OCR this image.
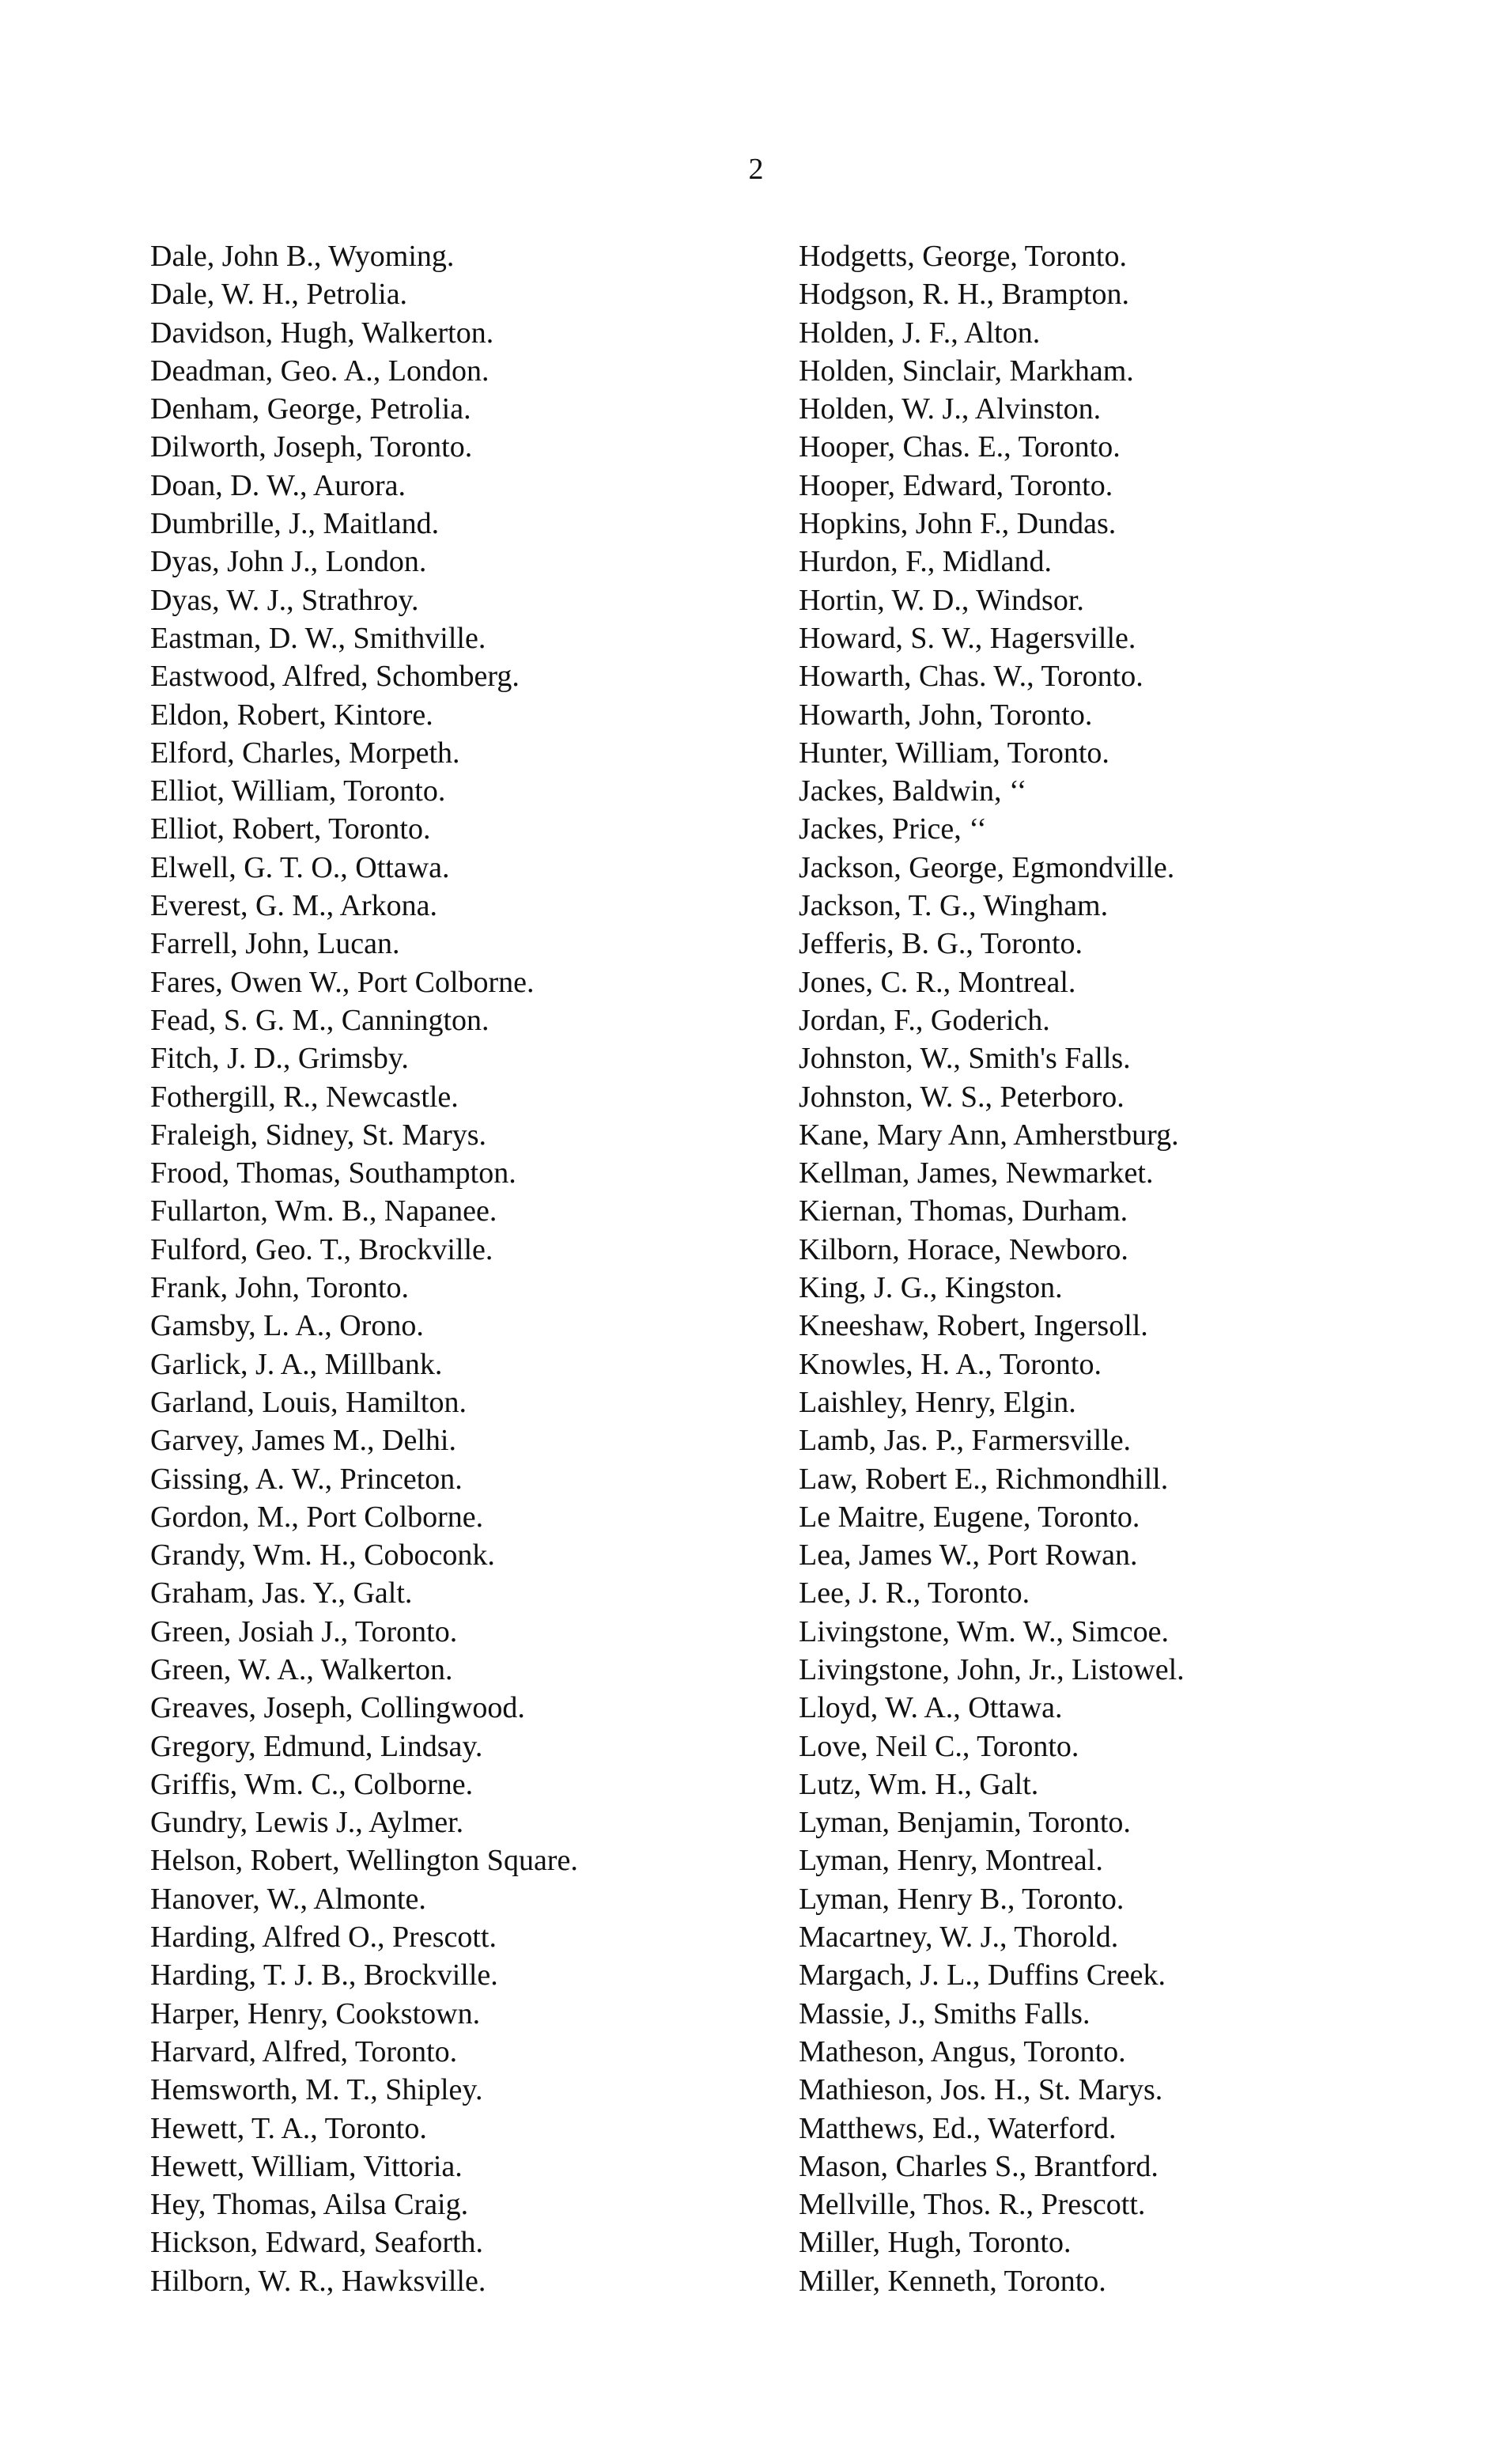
2
Dale, John B., Wyoming.
Dale, W. H., Petrolia.
Davidson, Hugh, Walkerton.
Deadman, Geo. A., London.
Denham, George, Petrolia.
Dilworth, Joseph, Toronto.
Doan, D. W., Aurora.
Dumbrille, J., Maitland.
Dyas, John J., London.
Dyas, W. J., Strathroy.
Eastman, D. W., Smithville.
Eastwood, Alfred, Schomberg.
Eldon, Robert, Kintore.
Elford, Charles, Morpeth.
Elliot, William, Toronto.
Elliot, Robert, Toronto.
Elwell, G. T. O., Ottawa.
Everest, G. M., Arkona.
Farrell, John, Lucan.
Fares, Owen W., Port Colborne.
Fead, S. G. M., Cannington.
Fitch, J. D., Grimsby.
Fothergill, R., Newcastle.
Fraleigh, Sidney, St. Marys.
Frood, Thomas, Southampton.
Fullarton, Wm. B., Napanee.
Fulford, Geo. T., Brockville.
Frank, John, Toronto.
Gamsby, L. A., Orono.
Garlick, J. A., Millbank.
Garland, Louis, Hamilton.
Garvey, James M., Delhi.
Gissing, A. W., Princeton.
Gordon, M., Port Colborne.
Grandy, Wm. H., Coboconk.
Graham, Jas. Y., Galt.
Green, Josiah J., Toronto.
Green, W. A., Walkerton.
Greaves, Joseph, Collingwood.
Gregory, Edmund, Lindsay.
Griffis, Wm. C., Colborne.
Gundry, Lewis J., Aylmer.
Helson, Robert, Wellington Square.
Hanover, W., Almonte.
Harding, Alfred O., Prescott.
Harding, T. J. B., Brockville.
Harper, Henry, Cookstown.
Harvard, Alfred, Toronto.
Hemsworth, M. T., Shipley.
Hewett, T. A., Toronto.
Hewett, William, Vittoria.
Hey, Thomas, Ailsa Craig.
Hickson, Edward, Seaforth.
Hilborn, W. R., Hawksville.
Hodgetts, George, Toronto.
Hodgson, R. H., Brampton.
Holden, J. F., Alton.
Holden, Sinclair, Markham.
Holden, W. J., Alvinston.
Hooper, Chas. E., Toronto.
Hooper, Edward, Toronto.
Hopkins, John F., Dundas.
Hurdon, F., Midland.
Hortin, W. D., Windsor.
Howard, S. W., Hagersville.
Howarth, Chas. W., Toronto.
Howarth, John, Toronto.
Hunter, William, Toronto.
Jackes, Baldwin, ‘‘
Jackes, Price, ‘‘
Jackson, George, Egmondville.
Jackson, T. G., Wingham.
Jefferis, B. G., Toronto.
Jones, C. R., Montreal.
Jordan, F., Goderich.
Johnston, W., Smith's Falls.
Johnston, W. S., Peterboro.
Kane, Mary Ann, Amherstburg.
Kellman, James, Newmarket.
Kiernan, Thomas, Durham.
Kilborn, Horace, Newboro.
King, J. G., Kingston.
Kneeshaw, Robert, Ingersoll.
Knowles, H. A., Toronto.
Laishley, Henry, Elgin.
Lamb, Jas. P., Farmersville.
Law, Robert E., Richmondhill.
Le Maitre, Eugene, Toronto.
Lea, James W., Port Rowan.
Lee, J. R., Toronto.
Livingstone, Wm. W., Simcoe.
Livingstone, John, Jr., Listowel.
Lloyd, W. A., Ottawa.
Love, Neil C., Toronto.
Lutz, Wm. H., Galt.
Lyman, Benjamin, Toronto.
Lyman, Henry, Montreal.
Lyman, Henry B., Toronto.
Macartney, W. J., Thorold.
Margach, J. L., Duffins Creek.
Massie, J., Smiths Falls.
Matheson, Angus, Toronto.
Mathieson, Jos. H., St. Marys.
Matthews, Ed., Waterford.
Mason, Charles S., Brantford.
Mellville, Thos. R., Prescott.
Miller, Hugh, Toronto.
Miller, Kenneth, Toronto.
